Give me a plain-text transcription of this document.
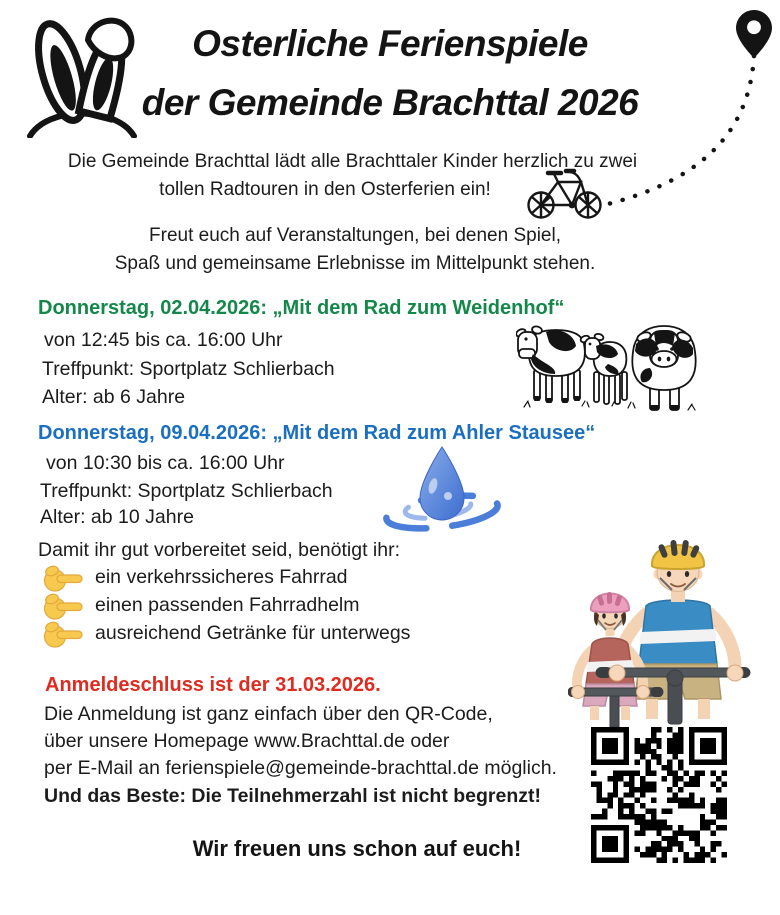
Osterliche Ferienspiele
der Gemeinde Brachttal 2026
Die Gemeinde Brachttal lädt alle Brachttaler Kinder herzlich zu zwei
tollen Radtouren in den Osterferien ein!
Freut euch auf Veranstaltungen, bei denen Spiel,
Spaß und gemeinsame Erlebnisse im Mittelpunkt stehen.
Donnerstag, 02.04.2026: „Mit dem Rad zum Weidenhof“
von 12:45 bis ca. 16:00 Uhr
Treffpunkt: Sportplatz Schlierbach
Alter: ab 6 Jahre
Donnerstag, 09.04.2026: „Mit dem Rad zum Ahler Stausee“
von 10:30 bis ca. 16:00 Uhr
Treffpunkt: Sportplatz Schlierbach
Alter: ab 10 Jahre
Damit ihr gut vorbereitet seid, benötigt ihr:
ein verkehrssicheres Fahrrad
einen passenden Fahrradhelm
ausreichend Getränke für unterwegs
Anmeldeschluss ist der 31.03.2026.
Die Anmeldung ist ganz einfach über den QR-Code,
über unsere Homepage www.Brachttal.de oder
per E-Mail an ferienspiele@gemeinde-brachttal.de möglich.
Und das Beste: Die Teilnehmerzahl ist nicht begrenzt!
Wir freuen uns schon auf euch!
